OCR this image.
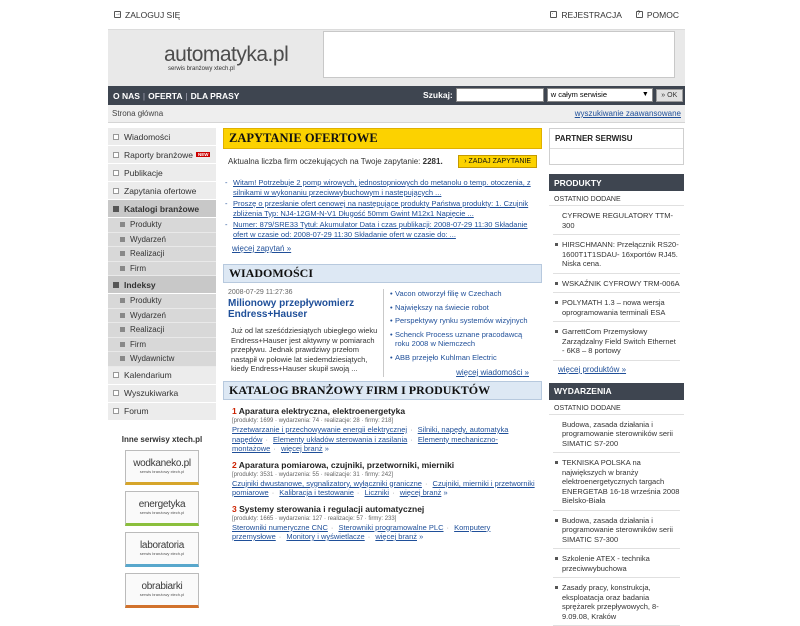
→ ZALOGUJ SIĘ	· REJESTRACJA	? POMOC
automatyka.pl
serwis branżowy xtech.pl
O NAS | OFERTA | DLA PRASY	Szukaj:	w całym serwisie	▼	» OK
Strona główna	wyszukiwanie zaawansowane
Wiadomości
Raporty branżowe	NEW
Publikacje
Zapytania ofertowe
Katalogi branżowe
Produkty
Wydarzeń
Realizacji
Firm
Indeksy
Produkty
Wydarzeń
Realizacji
Firm
Wydawnictw
Kalendarium
Wyszukiwarka
Forum
Inne serwisy xtech.pl
wodkaneko.pl
serwis branżowy xtech.pl
energetyka
serwis branżowy xtech.pl
laboratoria
serwis branżowy xtech.pl
obrabiarki
serwis branżowy xtech.pl
ZAPYTANIE OFERTOWE
Aktualna liczba firm oczekujących na Twoje zapytanie: 2281.	› ZADAJ ZAPYTANIE
- Witam! Potrzebuje 2 pomp wirowych, jednostopniowych do metanolu o temp. otoczenia, z silnikami w wykonaniu przeciwwybuchowym i nastepujących ...
- Proszę o przesłanie ofert cenowej na następujące produkty Państwa produkty: 1. Czujnik zbliżenia Typ: NJ4-12GM-N-V1 Długość 50mm Gwint M12x1 Napięcie ...
- Numer: 879/SRE33 Tytuł: Akumulator Data i czas publikacji: 2008-07-29 11:30 Składanie ofert w czasie od: 2008-07-29 11:30 Składanie ofert w czasie do: ...
więcej zapytań »
WIADOMOŚCI
2008-07-29 11:27:36
Milionowy przepływomierz Endress+Hauser
Już od lat sześćdziesiątych ubiegłego wieku Endress+Hauser jest aktywny w pomiarach przepływu. Jednak prawdziwy przełom nastąpił w połowie lat siedemdziesiątych, kiedy Endress+Hauser skupił swoją ...
• Vacon otworzył filię w Czechach
• Największy na świecie robot
• Perspektywy rynku systemów wizyjnych
• Schenck Process uznane pracodawcą roku 2008 w Niemczech
• ABB przejęło Kuhlman Electric
więcej wiadomości »
KATALOG BRANŻOWY FIRM I PRODUKTÓW
1 Aparatura elektryczna, elektroenergetyka
[produkty: 1699 · wydarzenia: 74 · realizacje: 28 · firmy: 218]
Przetwarzanie i przechowywanie energii elektrycznej · Silniki, napędy, automatyka napędów · Elementy układów sterowania i zasilania · Elementy mechaniczno-montażowe · więcej branż »
2 Aparatura pomiarowa, czujniki, przetworniki, mierniki
[produkty: 3531 · wydarzenia: 55 · realizacje: 31 · firmy: 242]
Czujniki dwustanowe, sygnalizatory, wyłączniki graniczne · Czujniki, mierniki i przetworniki pomiarowe · Kalibracja i testowanie · Liczniki · więcej branż »
3 Systemy sterowania i regulacji automatycznej
[produkty: 1665 · wydarzenia: 127 · realizacje: 57 · firmy: 233]
Sterowniki numeryczne CNC · Sterowniki programowalne PLC · Komputery przemysłowe · Monitory i wyświetlacze · więcej branż »
PARTNER SERWISU
PRODUKTY
OSTATNIO DODANE
CYFROWE REGULATORY TTM-300
HIRSCHMANN: Przełącznik RS20-1600T1T1SDAU- 16xportów RJ45. Niska cena.
WSKAŹNIK CYFROWY TRM-006A
POLYMATH 1.3 – nowa wersja oprogramowania terminali ESA
GarrettCom Przemysłowy Zarządzalny Field Switch Ethernet - 6K8 – 8 portowy
więcej produktów »
WYDARZENIA
OSTATNIO DODANE
Budowa, zasada działania i programowanie sterowników serii SIMATIC S7-200
TEKNISKA POLSKA na największych w branży elektroenergetycznych targach ENERGETAB 16-18 września 2008 Bielsko-Biała
Budowa, zasada działania i programowanie sterowników serii SIMATIC S7-300
Szkolenie ATEX - technika przeciwwybuchowa
Zasady pracy, konstrukcja, eksploatacja oraz badania sprężarek przepływowych, 8-9.09.08, Kraków
